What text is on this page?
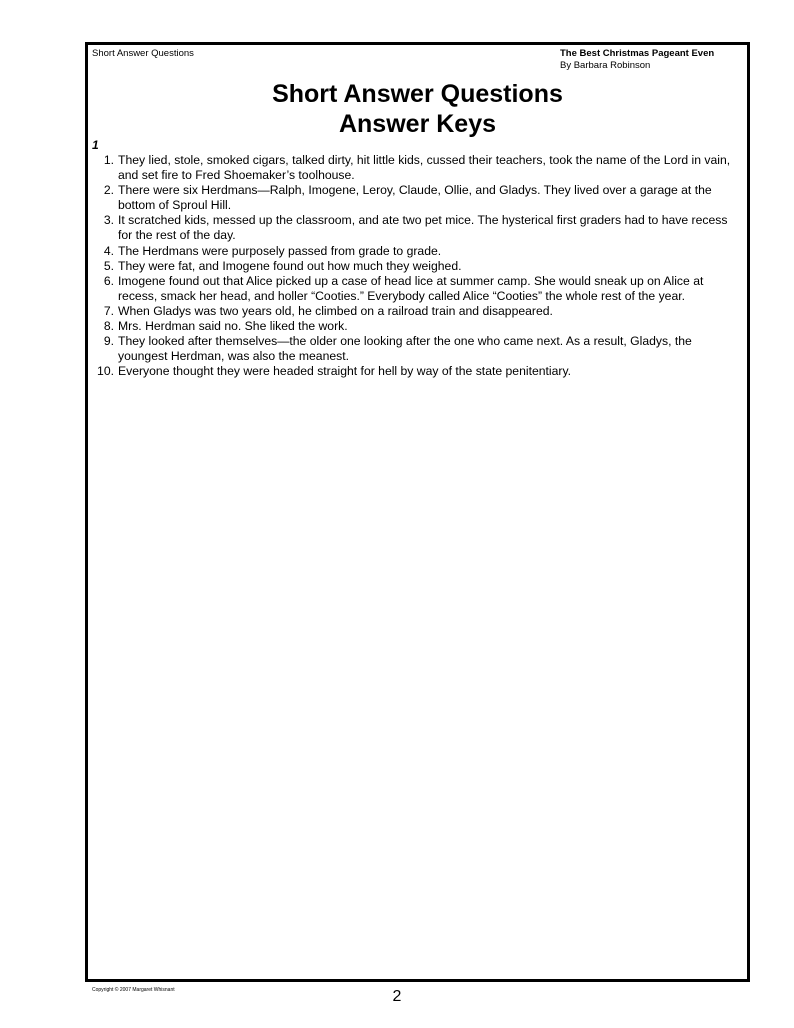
Short Answer Questions	The Best Christmas Pageant Even
By Barbara Robinson
Short Answer Questions
Answer Keys
1
1. They lied, stole, smoked cigars, talked dirty, hit little kids, cussed their teachers, took the name of the Lord in vain, and set fire to Fred Shoemaker’s toolhouse.
2. There were six Herdmans—Ralph, Imogene, Leroy, Claude, Ollie, and Gladys. They lived over a garage at the bottom of Sproul Hill.
3. It scratched kids, messed up the classroom, and ate two pet mice. The hysterical first graders had to have recess for the rest of the day.
4. The Herdmans were purposely passed from grade to grade.
5. They were fat, and Imogene found out how much they weighed.
6. Imogene found out that Alice picked up a case of head lice at summer camp. She would sneak up on Alice at recess, smack her head, and holler “Cooties.” Everybody called Alice “Cooties” the whole rest of the year.
7. When Gladys was two years old, he climbed on a railroad train and disappeared.
8. Mrs. Herdman said no. She liked the work.
9. They looked after themselves—the older one looking after the one who came next. As a result, Gladys, the youngest Herdman, was also the meanest.
10. Everyone thought they were headed straight for hell by way of the state penitentiary.
Copyright © 2007 Margaret Whisnant	2
